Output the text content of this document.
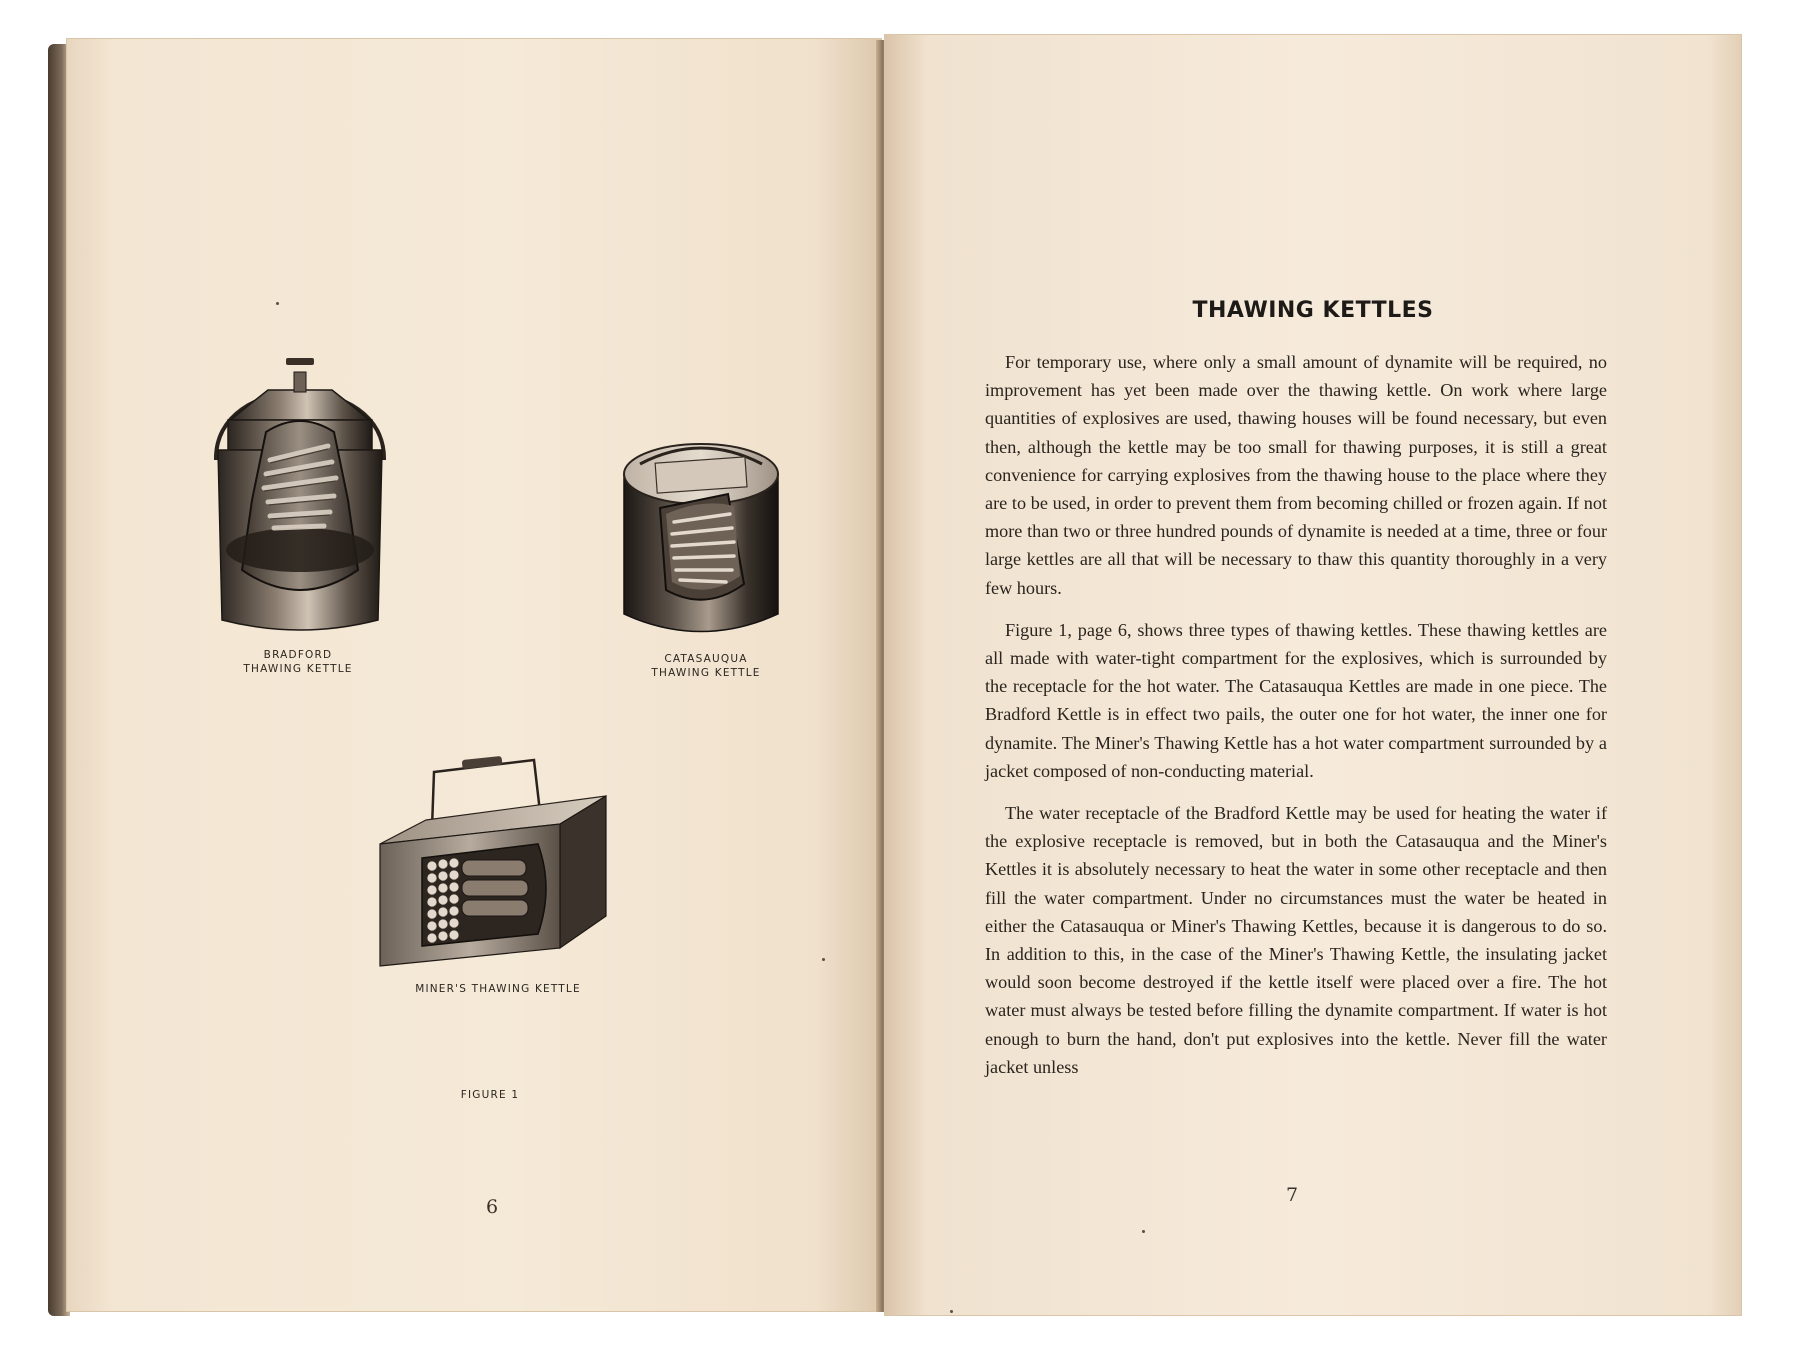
BRADFORD
THAWING KETTLE
CATASAUQUA
THAWING KETTLE
MINER'S THAWING KETTLE
FIGURE 1
6
THAWING KETTLES

For temporary use, where only a small amount of dynamite will be required, no improvement has yet been made over the thawing kettle. On work where large quantities of explosives are used, thawing houses will be found necessary, but even then, although the kettle may be too small for thawing purposes, it is still a great convenience for carrying explosives from the thawing house to the place where they are to be used, in order to prevent them from becoming chilled or frozen again. If not more than two or three hundred pounds of dynamite is needed at a time, three or four large kettles are all that will be necessary to thaw this quantity thoroughly in a very few hours.

Figure 1, page 6, shows three types of thawing kettles. These thawing kettles are all made with water-tight compartment for the explosives, which is surrounded by the receptacle for the hot water. The Catasauqua Kettles are made in one piece. The Bradford Kettle is in effect two pails, the outer one for hot water, the inner one for dynamite. The Miner's Thawing Kettle has a hot water compartment surrounded by a jacket composed of non-conducting material.

The water receptacle of the Bradford Kettle may be used for heating the water if the explosive receptacle is removed, but in both the Catasauqua and the Miner's Kettles it is absolutely necessary to heat the water in some other receptacle and then fill the water compartment. Under no circumstances must the water be heated in either the Catasauqua or Miner's Thawing Kettles, because it is dangerous to do so. In addition to this, in the case of the Miner's Thawing Kettle, the insulating jacket would soon become destroyed if the kettle itself were placed over a fire. The hot water must always be tested before filling the dynamite compartment. If water is hot enough to burn the hand, don't put explosives into the kettle. Never fill the water jacket unless

7
